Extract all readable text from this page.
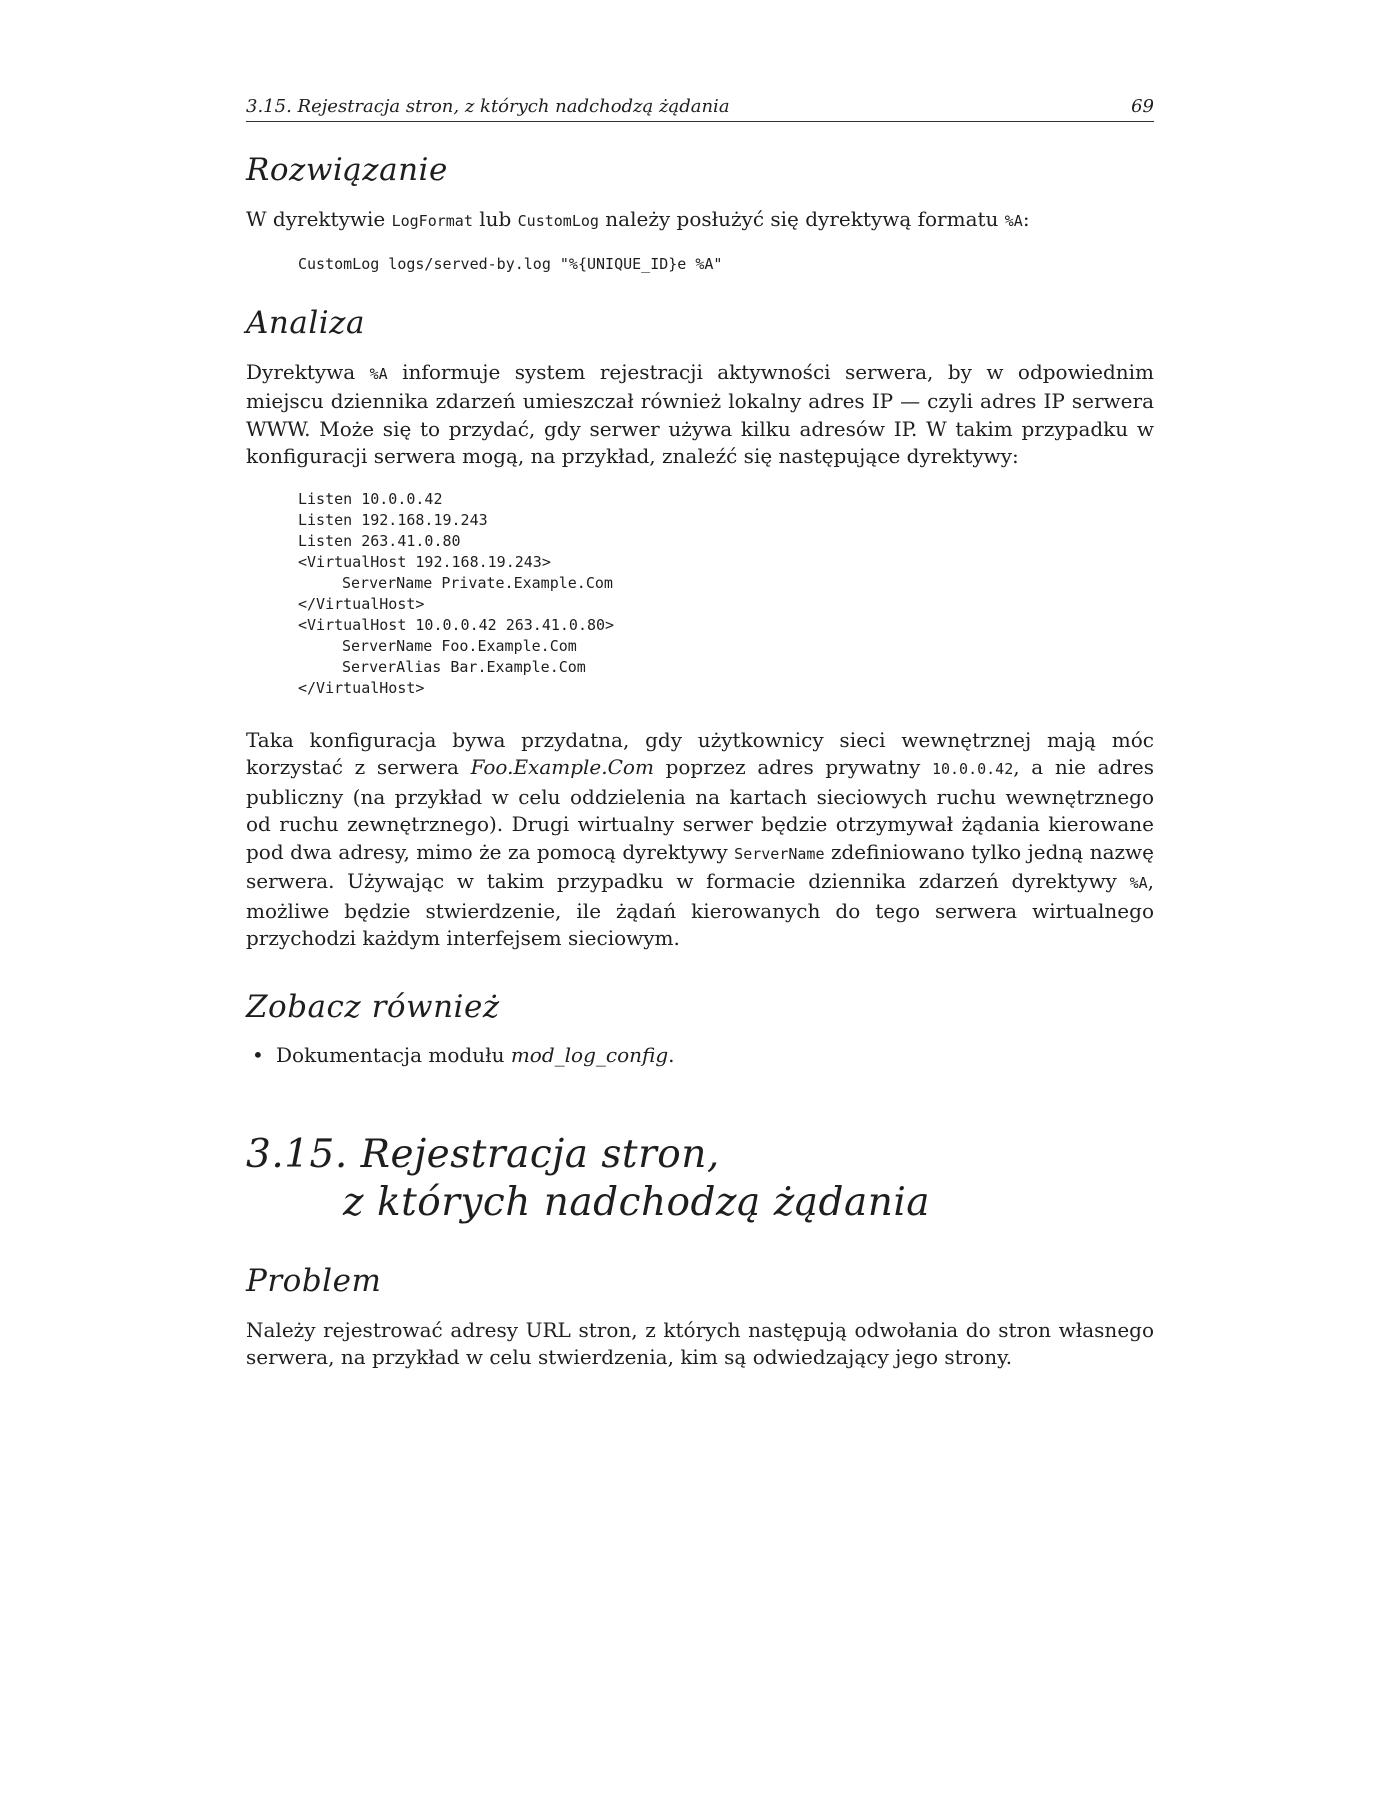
3.15. Rejestracja stron, z których nadchodzą żądania	69
Rozwiązanie

W dyrektywie LogFormat lub CustomLog należy posłużyć się dyrektywą formatu %A:

CustomLog logs/served-by.log "%{UNIQUE_ID}e %A"
Analiza

Dyrektywa %A informuje system rejestracji aktywności serwera, by w odpowiednim miejscu dziennika zdarzeń umieszczał również lokalny adres IP — czyli adres IP serwera WWW. Może się to przydać, gdy serwer używa kilku adresów IP. W takim przypadku w konfiguracji serwera mogą, na przykład, znaleźć się następujące dyrektywy:

Listen 10.0.0.42
Listen 192.168.19.243
Listen 263.41.0.80
<VirtualHost 192.168.19.243>
ServerName Private.Example.Com
</VirtualHost>
<VirtualHost 10.0.0.42 263.41.0.80>
ServerName Foo.Example.Com
ServerAlias Bar.Example.Com
</VirtualHost>

Taka konfiguracja bywa przydatna, gdy użytkownicy sieci wewnętrznej mają móc korzystać z serwera Foo.Example.Com poprzez adres prywatny 10.0.0.42, a nie adres publiczny (na przykład w celu oddzielenia na kartach sieciowych ruchu wewnętrznego od ruchu zewnętrznego). Drugi wirtualny serwer będzie otrzymywał żądania kierowane pod dwa adresy, mimo że za pomocą dyrektywy ServerName zdefiniowano tylko jedną nazwę serwera. Używając w takim przypadku w formacie dziennika zdarzeń dyrektywy %A, możliwe będzie stwierdzenie, ile żądań kierowanych do tego serwera wirtualnego przychodzi każdym interfejsem sieciowym.

Zobacz również
• Dokumentacja modułu mod_log_config.
3.15. Rejestracja stron,
z których nadchodzą żądania
Problem

Należy rejestrować adresy URL stron, z których następują odwołania do stron własnego serwera, na przykład w celu stwierdzenia, kim są odwiedzający jego strony.
